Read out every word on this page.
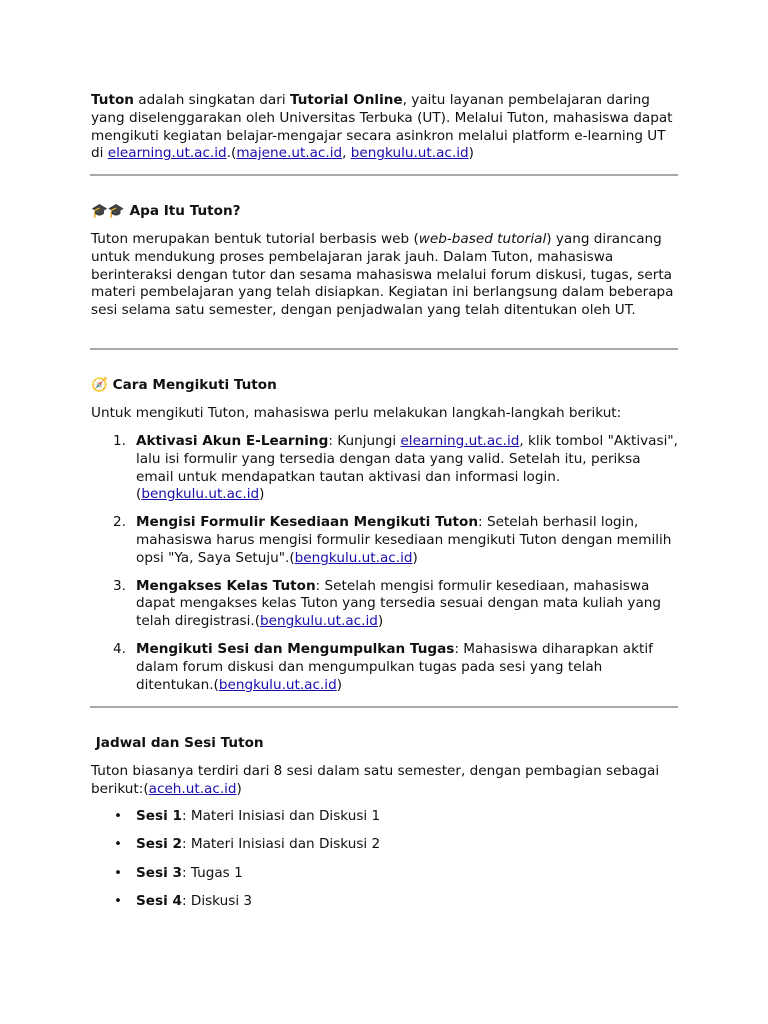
Tuton adalah singkatan dari Tutorial Online, yaitu layanan pembelajaran daring yang diselenggarakan oleh Universitas Terbuka (UT). Melalui Tuton, mahasiswa dapat mengikuti kegiatan belajar-mengajar secara asinkron melalui platform e-learning UT di elearning.ut.ac.id.(majene.ut.ac.id, bengkulu.ut.ac.id)

🎓🎓 Apa Itu Tuton?

Tuton merupakan bentuk tutorial berbasis web (web-based tutorial) yang dirancang untuk mendukung proses pembelajaran jarak jauh. Dalam Tuton, mahasiswa berinteraksi dengan tutor dan sesama mahasiswa melalui forum diskusi, tugas, serta materi pembelajaran yang telah disiapkan. Kegiatan ini berlangsung dalam beberapa sesi selama satu semester, dengan penjadwalan yang telah ditentukan oleh UT.

🧭 Cara Mengikuti Tuton

Untuk mengikuti Tuton, mahasiswa perlu melakukan langkah-langkah berikut:

1. Aktivasi Akun E-Learning: Kunjungi elearning.ut.ac.id, klik tombol "Aktivasi", lalu isi formulir yang tersedia dengan data yang valid. Setelah itu, periksa email untuk mendapatkan tautan aktivasi dan informasi login. (bengkulu.ut.ac.id)
2. Mengisi Formulir Kesediaan Mengikuti Tuton: Setelah berhasil login, mahasiswa harus mengisi formulir kesediaan mengikuti Tuton dengan memilih opsi "Ya, Saya Setuju".(bengkulu.ut.ac.id)
3. Mengakses Kelas Tuton: Setelah mengisi formulir kesediaan, mahasiswa dapat mengakses kelas Tuton yang tersedia sesuai dengan mata kuliah yang telah diregistrasi.(bengkulu.ut.ac.id)
4. Mengikuti Sesi dan Mengumpulkan Tugas: Mahasiswa diharapkan aktif dalam forum diskusi dan mengumpulkan tugas pada sesi yang telah ditentukan.(bengkulu.ut.ac.id)

Jadwal dan Sesi Tuton

Tuton biasanya terdiri dari 8 sesi dalam satu semester, dengan pembagian sebagai berikut:(aceh.ut.ac.id)

• Sesi 1: Materi Inisiasi dan Diskusi 1
• Sesi 2: Materi Inisiasi dan Diskusi 2
• Sesi 3: Tugas 1
• Sesi 4: Diskusi 3
